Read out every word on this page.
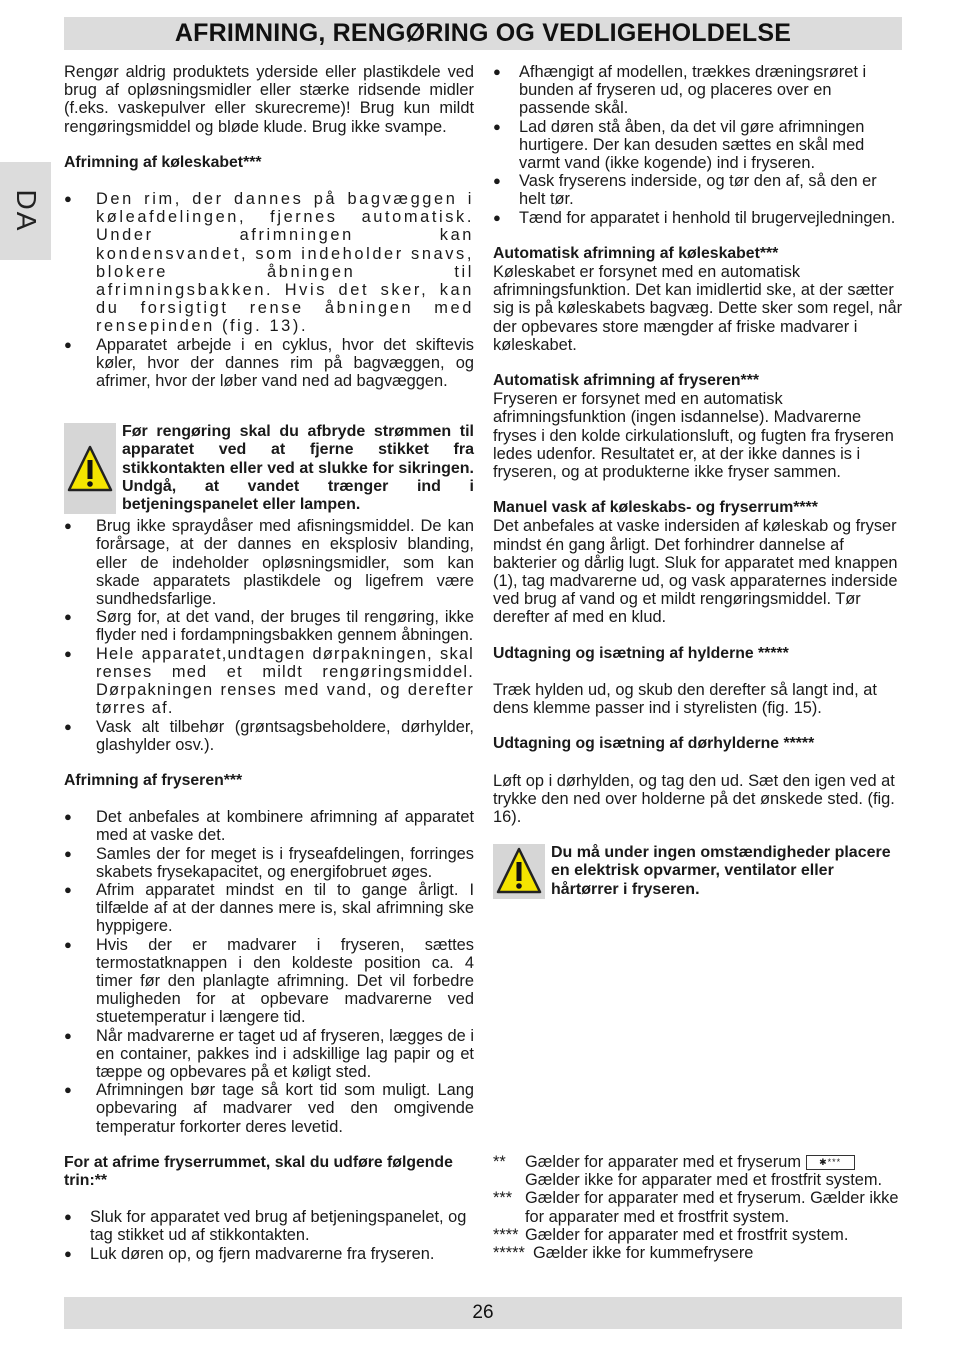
AFRIMNING, RENGØRING OG VEDLIGEHOLDELSE
DA

Rengør aldrig produktets yderside eller plastikdele ved brug af opløsningsmidler eller stærke ridsende midler (f.eks. vaskepulver eller skurecreme)! Brug kun mildt rengøringsmiddel og bløde klude. Brug ikke svampe.

Afrimning af køleskabet***

● Den rim, der dannes på bagvæggen i køleafdelingen, fjernes automatisk. Under afrimningen kan kondensvandet, som indeholder snavs, blokere åbningen til afrimningsbakken. Hvis det sker, kan du forsigtigt rense åbningen med rensepinden (fig. 13).
● Apparatet arbejde i en cyklus, hvor det skiftevis køler, hvor der dannes rim på bagvæggen, og afrimer, hvor der løber vand ned ad bagvæggen.
Før rengøring skal du afbryde strømmen til apparatet ved at fjerne stikket fra stikkontakten eller ved at slukke for sikringen. Undgå, at vandet trænger ind i betjeningspanelet eller lampen.
● Brug ikke spraydåser med afisningsmiddel. De kan forårsage, at der dannes en eksplosiv blanding, eller de indeholder opløsningsmidler, som kan skade apparatets plastikdele og ligefrem være sundhedsfarlige.
● Sørg for, at det vand, der bruges til rengøring, ikke flyder ned i fordampningsbakken gennem åbningen.
● Hele apparatet,undtagen dørpakningen, skal renses med et mildt rengøringsmiddel. Dørpakningen renses med vand, og derefter tørres af.
● Vask alt tilbehør (grøntsagsbeholdere, dørhylder, glashylder osv.).

Afrimning af fryseren***

● Det anbefales at kombinere afrimning af apparatet med at vaske det.
● Samles der for meget is i fryseafdelingen, forringes skabets frysekapacitet, og energifobruet øges.
● Afrim apparatet mindst en til to gange årligt. I tilfælde af at der dannes mere is, skal afrimning ske hyppigere.
● Hvis der er madvarer i fryseren, sættes termostatknappen i den koldeste position ca. 4 timer før den planlagte afrimning. Det vil forbedre muligheden for at opbevare madvarerne ved stuetemperatur i længere tid.
● Når madvarerne er taget ud af fryseren, lægges de i en container, pakkes ind i adskillige lag papir og et tæppe og opbevares på et køligt sted.
● Afrimningen bør tage så kort tid som muligt. Lang opbevaring af madvarer ved den omgivende temperatur forkorter deres levetid.

For at afrime fryserrummet, skal du udføre følgende trin:**

● Sluk for apparatet ved brug af betjeningspanelet, og tag stikket ud af stikkontakten.
● Luk døren op, og fjern madvarerne fra fryseren.
● Afhængigt af modellen, trækkes dræningsrøret i bunden af fryseren ud, og placeres over en passende skål.
● Lad døren stå åben, da det vil gøre afrimningen hurtigere. Der kan desuden sættes en skål med varmt vand (ikke kogende) ind i fryseren.
● Vask fryserens inderside, og tør den af, så den er helt tør.
● Tænd for apparatet i henhold til brugervejledningen.

Automatisk afrimning af køleskabet***

Køleskabet er forsynet med en automatisk afrimningsfunktion. Det kan imidlertid ske, at der sætter sig is på køleskabets bagvæg. Dette sker som regel, når der opbevares store mængder af friske madvarer i køleskabet.

Automatisk afrimning af fryseren***

Fryseren er forsynet med en automatisk afrimningsfunktion (ingen isdannelse). Madvarerne fryses i den kolde cirkulationsluft, og fugten fra fryseren ledes udenfor. Resultatet er, at der ikke dannes is i fryseren, og at produkterne ikke fryser sammen.

Manuel vask af køleskabs- og fryserrum****

Det anbefales at vaske indersiden af køleskab og fryser mindst én gang årligt. Det forhindrer dannelse af bakterier og dårlig lugt. Sluk for apparatet med knappen (1), tag madvarerne ud, og vask apparaternes inderside ved brug af vand og et mildt rengøringsmiddel. Tør derefter af med en klud.

Udtagning og isætning af hylderne *****

Træk hylden ud, og skub den derefter så langt ind, at dens klemme passer ind i styrelisten (fig. 15).

Udtagning og isætning af dørhylderne *****

Løft op i dørhylden, og tag den ud. Sæt den igen ved at trykke den ned over holderne på det ønskede sted. (fig. 16).

Du må under ingen omstændigheder placere en elektrisk opvarmer, ventilator eller hårtørrer i fryseren.
**	Gælder for apparater med et fryserum ✱***
Gælder ikke for apparater med et frostfrit system.
*** Gælder for apparater med et fryserum. Gælder ikke for apparater med et frostfrit system.
**** Gælder for apparater med et frostfrit system.
***** Gælder ikke for kummefrysere
26
